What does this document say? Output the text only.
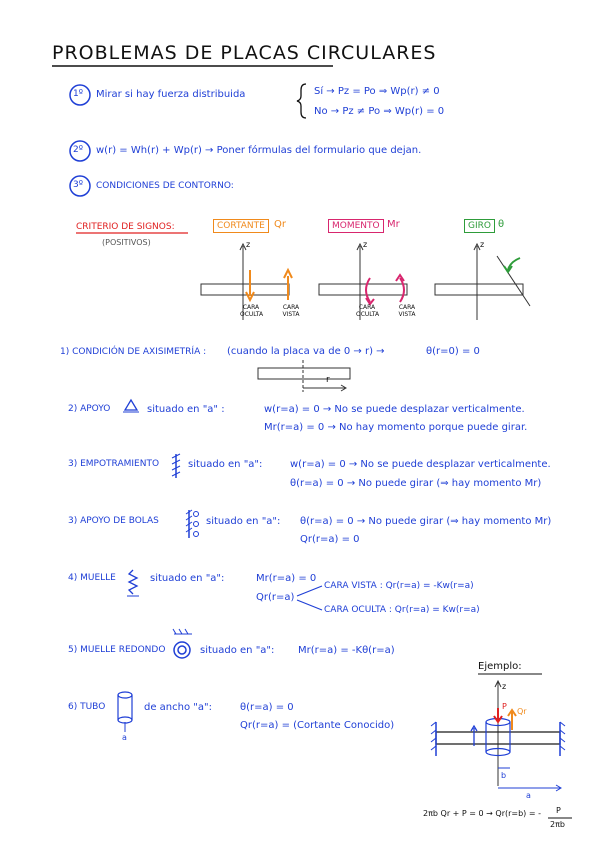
PROBLEMAS DE PLACAS CIRCULARES
1º Mirar si hay fuerza distribuida	Sí → Pz = Po ⇒ Wp(r) ≠ 0
No → Pz ≠ Po ⇒ Wp(r) = 0
2º w(r) = Wh(r) + Wp(r) → Poner fórmulas del formulario que dejan.
3º CONDICIONES DE CONTORNO:
CRITERIO DE SIGNOS:
(POSITIVOS)
CORTANTE Qr	MOMENTO Mr	GIRO θ
z	z	z
CARA OCULTA
CARA VISTA
CARA OCULTA
CARA VISTA
1) CONDICIÓN DE AXISIMETRÍA : (cuando la placa va de 0 → r) →	θ(r=0) = 0
r
2) APOYO	situado en "a" :	w(r=a) = 0 → No se puede desplazar verticalmente.
Mr(r=a) = 0 → No hay momento porque puede girar.
3) EMPOTRAMIENTO	situado en "a":	w(r=a) = 0 → No se puede desplazar verticalmente.
θ(r=a) = 0 → No puede girar (⇒ hay momento Mr)
3) APOYO DE BOLAS	situado en "a": θ(r=a) = 0 → No puede girar (⇒ hay momento Mr)
Qr(r=a) = 0
4) MUELLE	situado en "a":	Mr(r=a) = 0
Qr(r=a)
CARA VISTA : Qr(r=a) = -Kw(r=a)
CARA OCULTA : Qr(r=a) = Kw(r=a)
5) MUELLE REDONDO	situado en "a": Mr(r=a) = -Kθ(r=a)
6) TUBO	de ancho "a":
a
θ(r=a) = 0
Qr(r=a) = (Cortante Conocido)
Ejemplo:
z
P
Qr
b
a
2πb Qr + P = 0 → Qr(r=b) = - P
2πb
